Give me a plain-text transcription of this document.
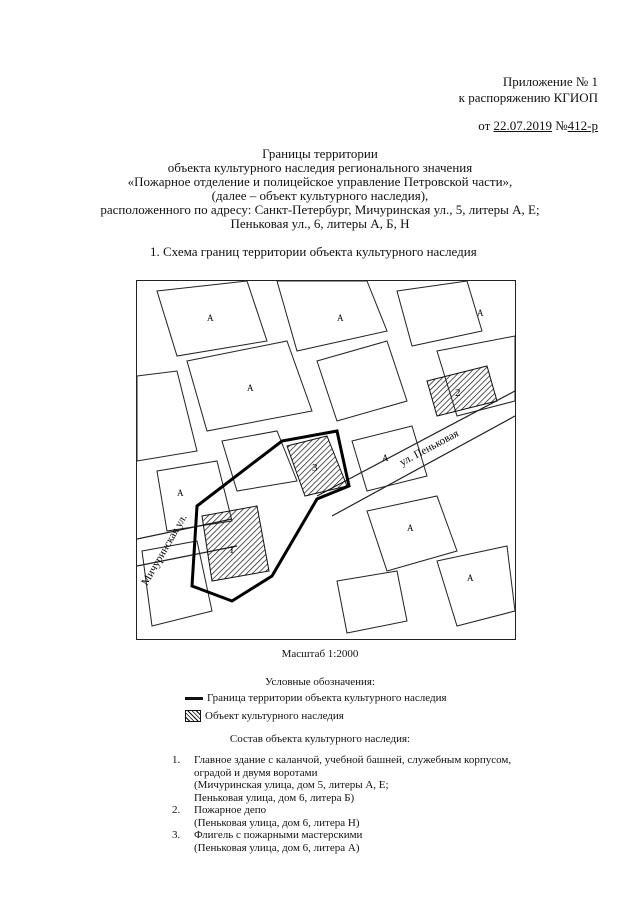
Приложение № 1
к распоряжению КГИОП
от 22.07.2019 №412-р
Границы территории
объекта культурного наследия регионального значения
«Пожарное отделение и полицейское управление Петровской части»,
(далее – объект культурного наследия),
расположенного по адресу: Санкт-Петербург, Мичуринская ул., 5, литеры А, Е;
Пеньковая ул., 6, литеры А, Б, Н
1. Схема границ территории объекта культурного наследия
1
2
3	ул. Пеньковая
Мичуринская ул.
А
А
А
А
А
А
А
А
Масштаб 1:2000
Условные обозначения:
Граница территории объекта культурного наследия
Объект культурного наследия
Состав объекта культурного наследия:
1.	Главное здание с каланчой, учебной башней, служебным корпусом,
оградой и двумя воротами
(Мичуринская улица, дом 5, литеры А, Е;
Пеньковая улица, дом 6, литера Б)
2.	Пожарное депо
(Пеньковая улица, дом 6, литера Н)
3.	Флигель с пожарными мастерскими
(Пеньковая улица, дом 6, литера А)
